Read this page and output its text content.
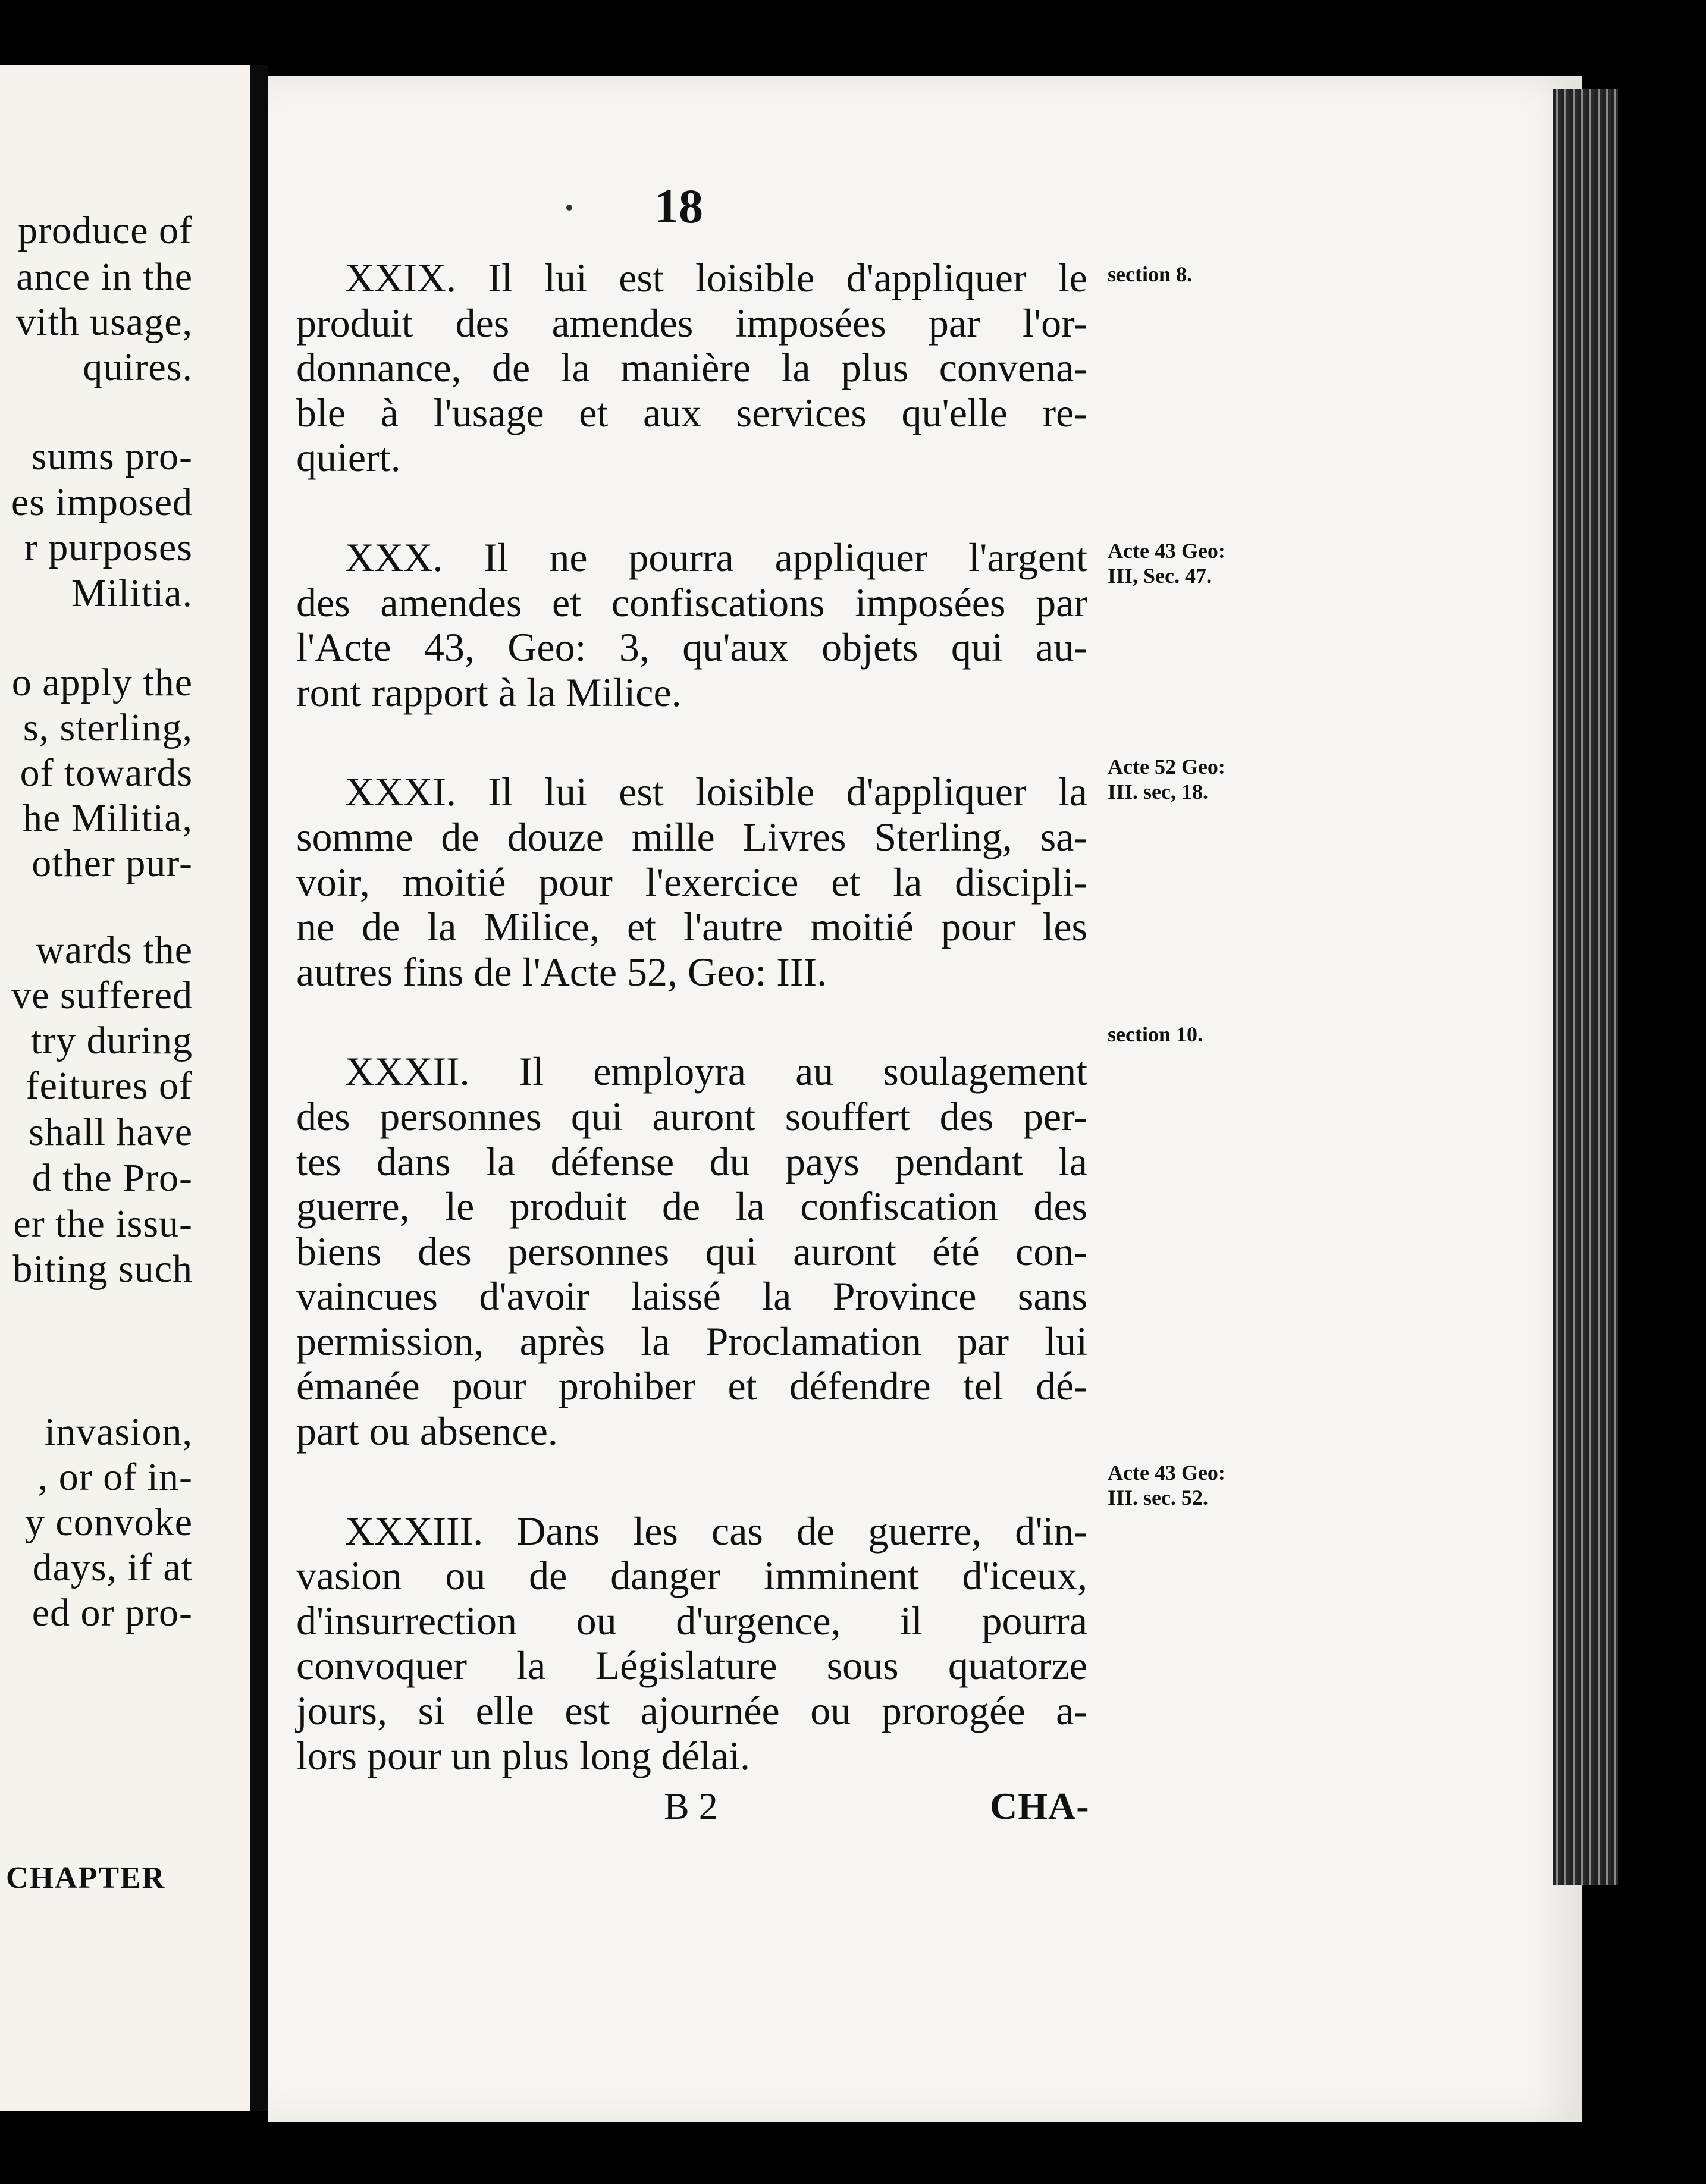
produce of
ance in the
vith usage,
quires.
sums pro-
es imposed
r purposes
Militia.
o apply the
s, sterling,
of towards
he Militia,
other pur-
wards the
ve suffered
try during
feitures of
shall have
d the Pro-
er the issu-
biting such
invasion,
, or of in-
y convoke
days, if at
ed or pro-
CHAPTER
18
XXIX. Il lui est loisible d'appliquer le
produit des amendes imposées par l'or-
donnance, de la manière la plus convena-
ble à l'usage et aux services qu'elle re-
quiert.
XXX. Il ne pourra appliquer l'argent
des amendes et confiscations imposées par
l'Acte 43, Geo: 3, qu'aux objets qui au-
ront rapport à la Milice.
XXXI. Il lui est loisible d'appliquer la
somme de douze mille Livres Sterling, sa-
voir, moitié pour l'exercice et la discipli-
ne de la Milice, et l'autre moitié pour les
autres fins de l'Acte 52, Geo: III.
XXXII. Il employra au soulagement
des personnes qui auront souffert des per-
tes dans la défense du pays pendant la
guerre, le produit de la confiscation des
biens des personnes qui auront été con-
vaincues d'avoir laissé la Province sans
permission, après la Proclamation par lui
émanée pour prohiber et défendre tel dé-
part ou absence.
XXXIII. Dans les cas de guerre, d'in-
vasion ou de danger imminent d'iceux,
d'insurrection ou d'urgence, il pourra
convoquer la Législature sous quatorze
jours, si elle est ajournée ou prorogée a-
lors pour un plus long délai.
section 8.
Acte 43 Geo:
III, Sec. 47.
Acte 52 Geo:
III. sec, 18.
section 10.
Acte 43 Geo:
III. sec. 52.
B 2	CHA-
